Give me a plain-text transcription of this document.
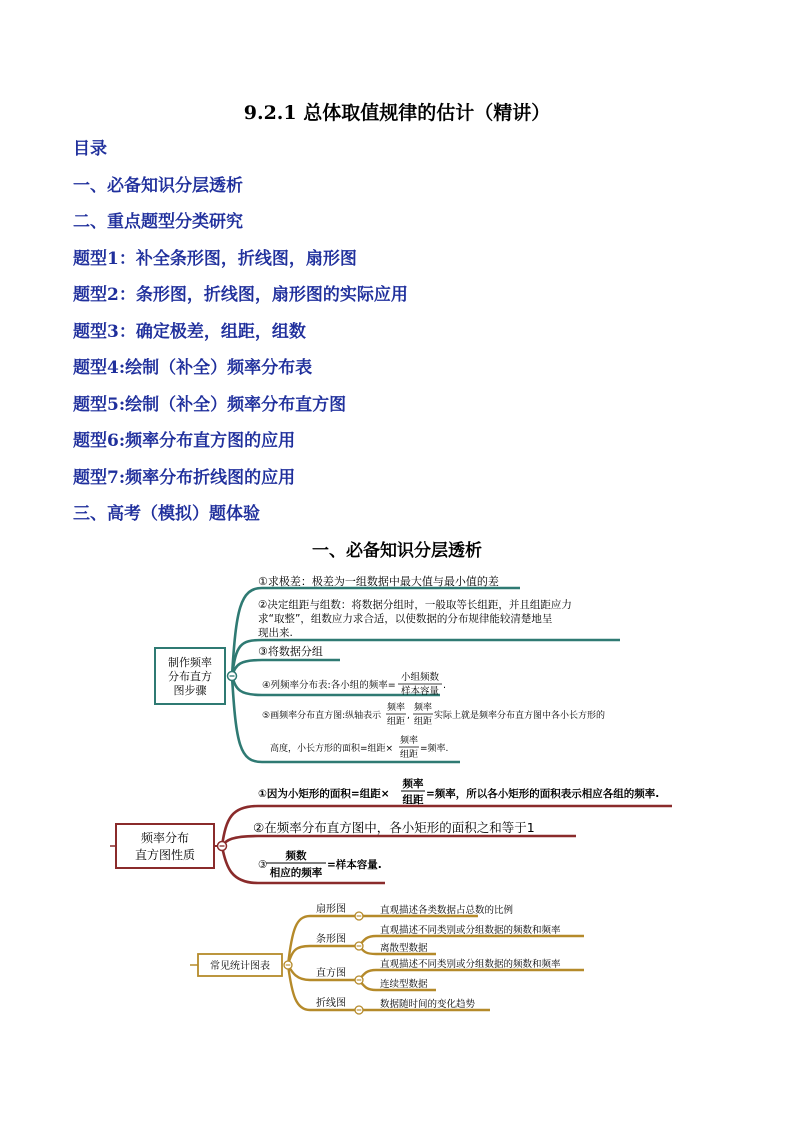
9.2.1 总体取值规律的估计（精讲）
目录
一、必备知识分层透析
二、重点题型分类研究
题型1：补全条形图，折线图，扇形图
题型2：条形图，折线图，扇形图的实际应用
题型3：确定极差，组距，组数
题型4:绘制（补全）频率分布表
题型5:绘制（补全）频率分布直方图
题型6:频率分布直方图的应用
题型7:频率分布折线图的应用
三、高考（模拟）题体验
一、必备知识分层透析
制作频率
分布直方
图步骤
①求极差：极差为一组数据中最大值与最小值的差
②决定组距与组数：将数据分组时，一般取等长组距，并且组距应力
求“取整”，组数应力求合适，以使数据的分布规律能较清楚地呈
现出来.
③将数据分组
④列频率分布表:各小组的频率=
小组频数
样本容量
.
⑤画频率分布直方图:纵轴表示
频率
组距
,
频率
组距
实际上就是频率分布直方图中各小长方形的
高度，小长方形的面积=组距×
频率
组距
=频率.
频率分布
直方图性质
①因为小矩形的面积=组距×
频率
组距 =频率，所以各小矩形的面积表示相应各组的频率.
②在频率分布直方图中，各小矩形的面积之和等于1
③
频数
相应的频率
=样本容量.
常见统计图表
扇形图
条形图
直方图
折线图
直观描述各类数据占总数的比例
直观描述不同类别或分组数据的频数和频率
离散型数据
直观描述不同类别或分组数据的频数和频率
连续型数据
数据随时间的变化趋势
